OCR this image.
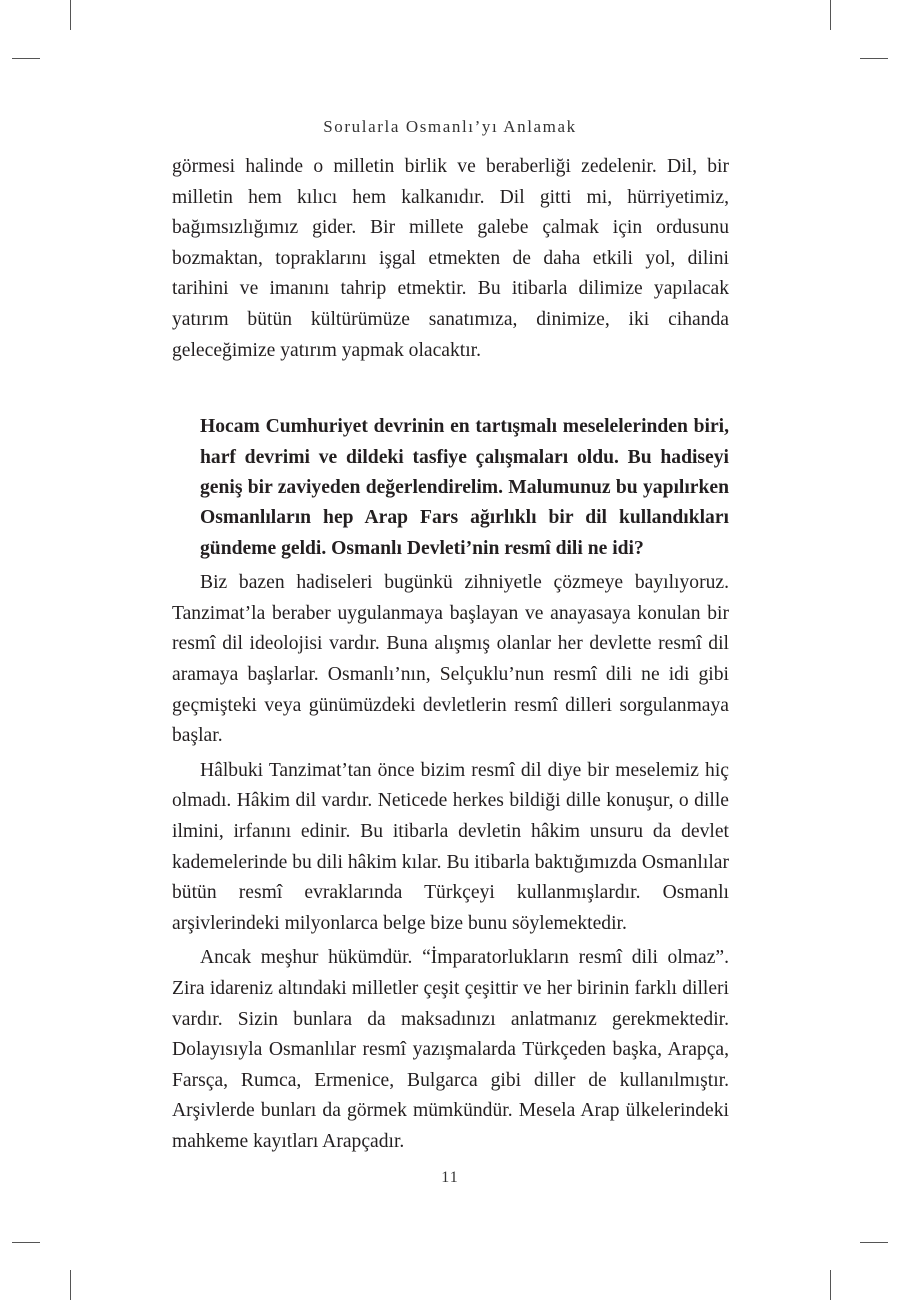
Sorularla Osmanlı’yı Anlamak

görmesi halinde o milletin birlik ve beraberliği zedelenir. Dil, bir milletin hem kılıcı hem kalkanıdır. Dil gitti mi, hürriyetimiz, bağımsızlığımız gider. Bir millete galebe çalmak için ordusunu bozmaktan, topraklarını işgal etmekten de daha etkili yol, dilini tarihini ve imanını tahrip etmektir. Bu itibarla dilimize yapılacak yatırım bütün kültürümüze sanatımıza, dinimize, iki cihanda geleceğimize yatırım yapmak olacaktır.

Hocam Cumhuriyet devrinin en tartışmalı meselelerinden biri, harf devrimi ve dildeki tasfiye çalışmaları oldu. Bu hadiseyi geniş bir zaviyeden değerlendirelim. Malumunuz bu yapılırken Osmanlıların hep Arap Fars ağırlıklı bir dil kullandıkları gündeme geldi. Osmanlı Devleti’nin resmî dili ne idi?

Biz bazen hadiseleri bugünkü zihniyetle çözmeye bayılıyoruz. Tanzimat’la beraber uygulanmaya başlayan ve anayasaya konulan bir resmî dil ideolojisi vardır. Buna alışmış olanlar her devlette resmî dil aramaya başlarlar. Osmanlı’nın, Selçuklu’nun resmî dili ne idi gibi geçmişteki veya günümüzdeki devletlerin resmî dilleri sorgulanmaya başlar.

Hâlbuki Tanzimat’tan önce bizim resmî dil diye bir meselemiz hiç olmadı. Hâkim dil vardır. Neticede herkes bildiği dille konuşur, o dille ilmini, irfanını edinir. Bu itibarla devletin hâkim unsuru da devlet kademelerinde bu dili hâkim kılar. Bu itibarla baktığımızda Osmanlılar bütün resmî evraklarında Türkçeyi kullanmışlardır. Osmanlı arşivlerindeki milyonlarca belge bize bunu söylemektedir.

Ancak meşhur hükümdür. “İmparatorlukların resmî dili olmaz”. Zira idareniz altındaki milletler çeşit çeşittir ve her birinin farklı dilleri vardır. Sizin bunlara da maksadınızı anlatmanız gerekmektedir. Dolayısıyla Osmanlılar resmî yazışmalarda Türkçeden başka, Arapça, Farsça, Rumca, Ermenice, Bulgarca gibi diller de kullanılmıştır. Arşivlerde bunları da görmek mümkündür. Mesela Arap ülkelerindeki mahkeme kayıtları Arapçadır.

11
